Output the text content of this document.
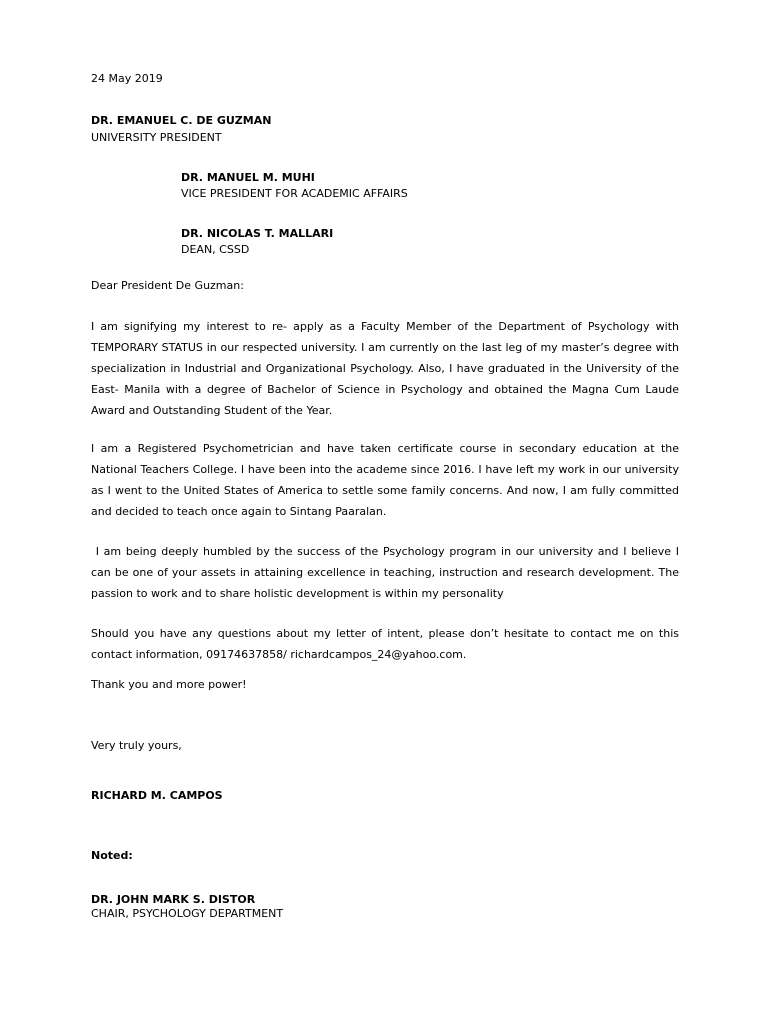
24 May 2019
DR. EMANUEL C. DE GUZMAN
UNIVERSITY PRESIDENT
DR. MANUEL M. MUHI
VICE PRESIDENT FOR ACADEMIC AFFAIRS
DR. NICOLAS T. MALLARI
DEAN, CSSD
Dear President De Guzman:
I am signifying my interest to re- apply as a Faculty Member of the Department of Psychology with TEMPORARY STATUS in our respected university. I am currently on the last leg of my master’s degree with specialization in Industrial and Organizational Psychology. Also, I have graduated in the University of the East- Manila with a degree of Bachelor of Science in Psychology and obtained the Magna Cum Laude Award and Outstanding Student of the Year.
I am a Registered Psychometrician and have taken certificate course in secondary education at the National Teachers College. I have been into the academe since 2016. I have left my work in our university as I went to the United States of America to settle some family concerns. And now, I am fully committed and decided to teach once again to Sintang Paaralan.
I am being deeply humbled by the success of the Psychology program in our university and I believe I can be one of your assets in attaining excellence in teaching, instruction and research development. The passion to work and to share holistic development is within my personality
Should you have any questions about my letter of intent, please don’t hesitate to contact me on this contact information, 09174637858/ richardcampos_24@yahoo.com.
Thank you and more power!
Very truly yours,
RICHARD M. CAMPOS
Noted:
DR. JOHN MARK S. DISTOR
CHAIR, PSYCHOLOGY DEPARTMENT
